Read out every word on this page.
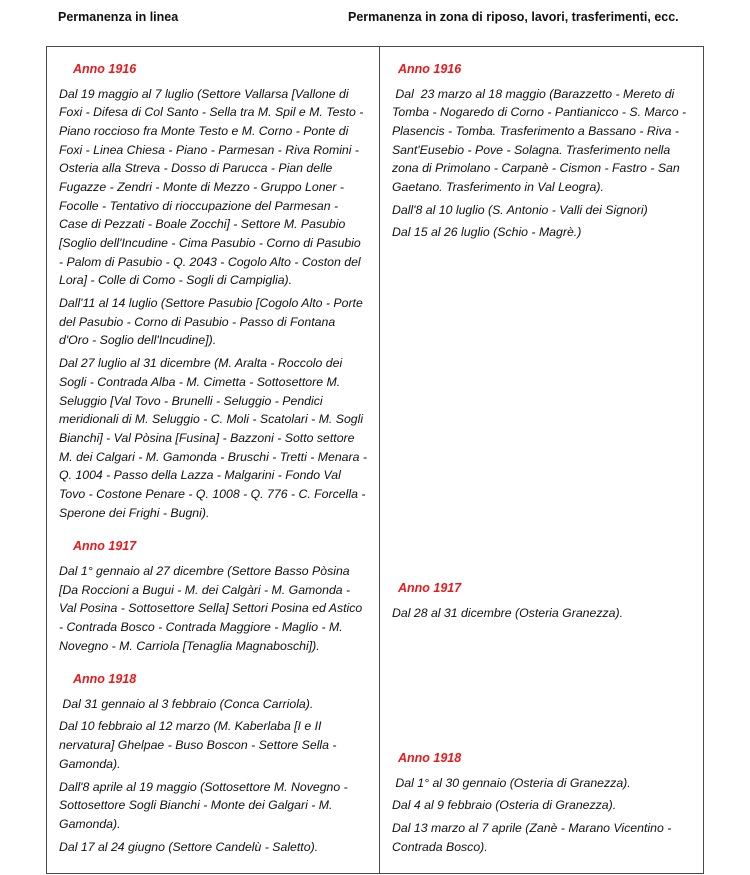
Permanenza in linea	Permanenza in zona di riposo, lavori, trasferimenti, ecc.
Anno 1916

Dal 19 maggio al 7 luglio (Settore Vallarsa [Vallone di Foxi - Difesa di Col Santo - Sella tra M. Spil e M. Testo - Piano roccioso fra Monte Testo e M. Corno - Ponte di Foxi - Linea Chiesa - Piano - Parmesan - Riva Romini - Osteria alla Streva - Dosso di Parucca - Pian delle Fugazze - Zendri - Monte di Mezzo - Gruppo Loner - Focolle - Tentativo di rioccupazione del Parmesan - Case di Pezzati - Boale Zocchi] - Settore M. Pasubio [Soglio dell'Incudine - Cima Pasubio - Corno di Pasubio - Palom di Pasubio - Q. 2043 - Cogolo Alto - Coston del Lora] - Colle di Como - Sogli di Campiglia).

Dall'11 al 14 luglio (Settore Pasubio [Cogolo Alto - Porte del Pasubio - Corno di Pasubio - Passo di Fontana d'Oro - Soglio dell'Incudine]).

Dal 27 luglio al 31 dicembre (M. Aralta - Roccolo dei Sogli - Contrada Alba - M. Cimetta - Sottosettore M. Seluggio [Val Tovo - Brunelli - Seluggio - Pendici meridionali di M. Seluggio - C. Moli - Scatolari - M. Sogli Bianchi] - Val Pòsina [Fusina] - Bazzoni - Sotto settore M. dei Calgari - M. Gamonda - Bruschi - Tretti - Menara - Q. 1004 - Passo della Lazza - Malgarini - Fondo Val Tovo - Costone Penare - Q. 1008 - Q. 776 - C. Forcella - Sperone dei Frighi - Bugni).

Anno 1917

Dal 1° gennaio al 27 dicembre (Settore Basso Pòsina [Da Roccioni a Bugui - M. dei Calgàri - M. Gamonda - Val Posina - Sottosettore Sella] Settori Posina ed Astico - Contrada Bosco - Contrada Maggiore - Maglio - M. Novegno - M. Carriola [Tenaglia Magnaboschi]).

Anno 1918

Dal 31 gennaio al 3 febbraio (Conca Carriola).

Dal 10 febbraio al 12 marzo (M. Kaberlaba [I e II nervatura] Ghelpae - Buso Boscon - Settore Sella - Gamonda).

Dall'8 aprile al 19 maggio (Sottosettore M. Novegno - Sottosettore Sogli Bianchi - Monte dei Galgari - M. Gamonda).

Dal 17 al 24 giugno (Settore Candelù - Saletto).

Anno 1916

Dal  23 marzo al 18 maggio (Barazzetto - Mereto di Tomba - Nogaredo di Corno - Pantianicco - S. Marco - Plasencis - Tomba. Trasferimento a Bassano - Riva - Sant'Eusebio - Pove - Solagna. Trasferimento nella zona di Primolano - Carpanè - Cismon - Fastro - San Gaetano. Trasferimento in Val Leogra).

Dall'8 al 10 luglio (S. Antonio - Valli dei Signori)

Dal 15 al 26 luglio (Schio - Magrè.)

Anno 1917

Dal 28 al 31 dicembre (Osteria Granezza).

Anno 1918

Dal 1° al 30 gennaio (Osteria di Granezza).

Dal 4 al 9 febbraio (Osteria di Granezza).

Dal 13 marzo al 7 aprile (Zanè - Marano Vicentino - Contrada Bosco).
